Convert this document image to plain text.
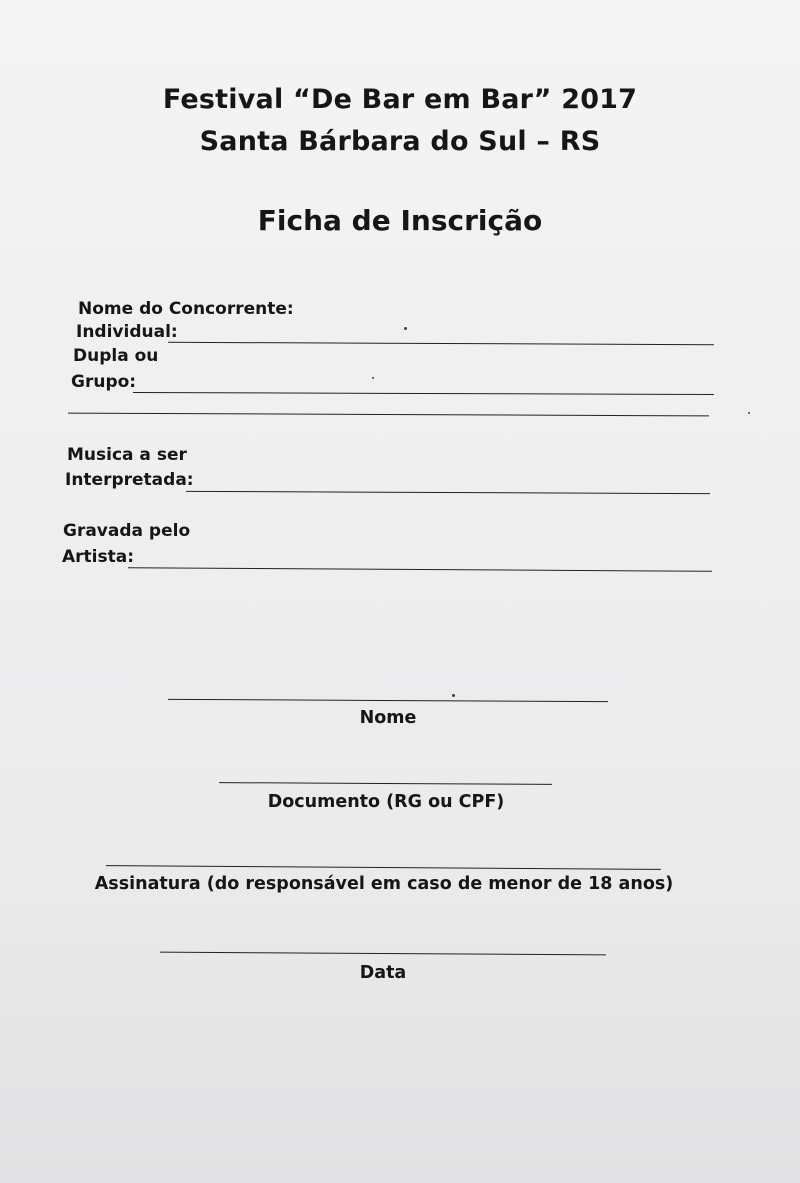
Festival “De Bar em Bar” 2017
Santa Bárbara do Sul – RS
Ficha de Inscrição
Nome do Concorrente:
Individual:
Dupla ou
Grupo:
Musica a ser
Interpretada:
Gravada pelo
Artista:
Nome
Documento (RG ou CPF)
Assinatura (do responsável em caso de menor de 18 anos)
Data
